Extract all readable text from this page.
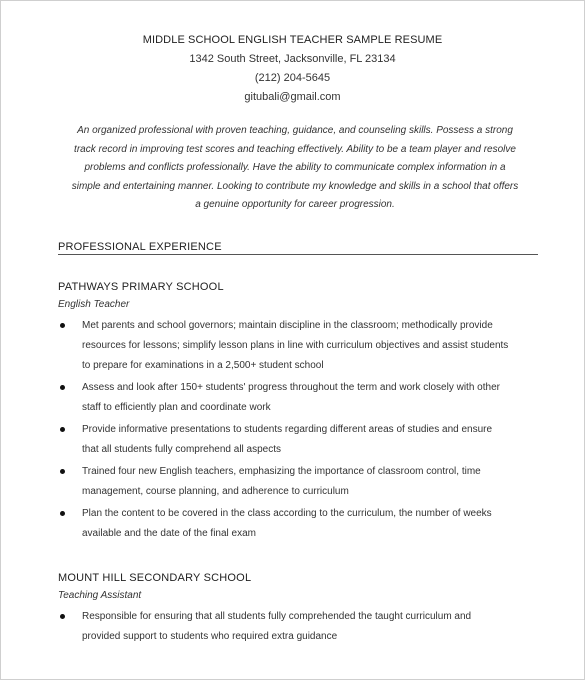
MIDDLE SCHOOL ENGLISH TEACHER SAMPLE RESUME
1342 South Street, Jacksonville, FL 23134
(212) 204-5645
gitubali@gmail.com
An organized professional with proven teaching, guidance, and counseling skills. Possess a strong
track record in improving test scores and teaching effectively. Ability to be a team player and resolve
problems and conflicts professionally. Have the ability to communicate complex information in a
simple and entertaining manner. Looking to contribute my knowledge and skills in a school that offers
a genuine opportunity for career progression.
PROFESSIONAL EXPERIENCE
PATHWAYS PRIMARY SCHOOL
English Teacher
Met parents and school governors; maintain discipline in the classroom; methodically provide
resources for lessons; simplify lesson plans in line with curriculum objectives and assist students
to prepare for examinations in a 2,500+ student school
Assess and look after 150+ students' progress throughout the term and work closely with other
staff to efficiently plan and coordinate work
Provide informative presentations to students regarding different areas of studies and ensure
that all students fully comprehend all aspects
Trained four new English teachers, emphasizing the importance of classroom control, time
management, course planning, and adherence to curriculum
Plan the content to be covered in the class according to the curriculum, the number of weeks
available and the date of the final exam
MOUNT HILL SECONDARY SCHOOL
Teaching Assistant
Responsible for ensuring that all students fully comprehended the taught curriculum and
provided support to students who required extra guidance
